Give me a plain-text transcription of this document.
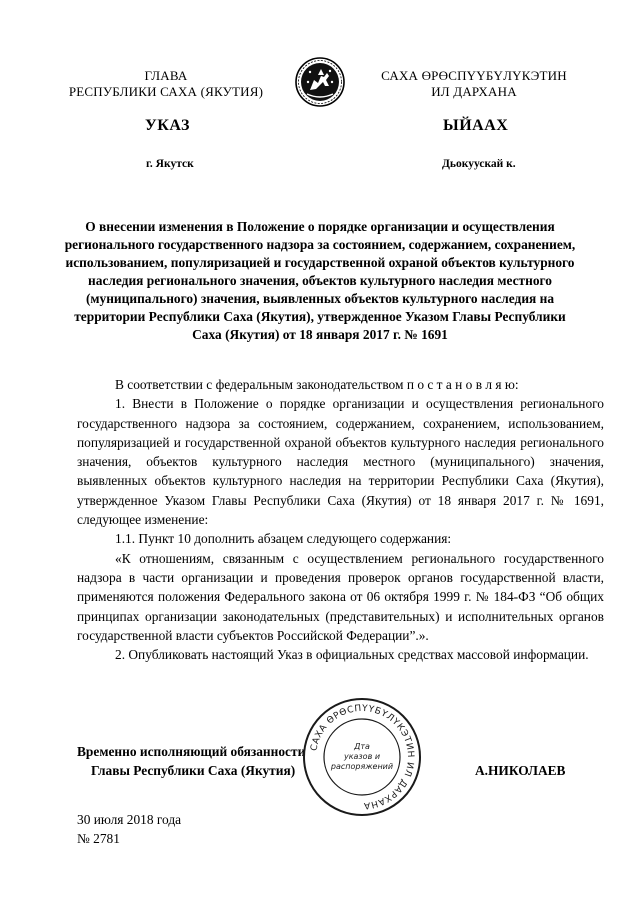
ГЛАВА
РЕСПУБЛИКИ САХА (ЯКУТИЯ)
САХА ӨРӨСПҮҮБҮЛҮКЭТИН
ИЛ ДАРХАНА
УКАЗ	ЫЙААХ
г. Якутск	Дьокуускай к.
О внесении изменения в Положение о порядке организации и осуществления регионального государственного надзора за состоянием, содержанием, сохранением, использованием, популяризацией и государственной охраной объектов культурного наследия регионального значения, объектов культурного наследия местного (муниципального) значения, выявленных объектов культурного наследия на территории Республики Саха (Якутия), утвержденное Указом Главы Республики Саха (Якутия) от 18 января 2017 г. № 1691

В соответствии с федеральным законодательством п о с т а н о в л я ю:

1. Внести в Положение о порядке организации и осуществления регионального государственного надзора за состоянием, содержанием, сохранением, использованием, популяризацией и государственной охраной объектов культурного наследия регионального значения, объектов культурного наследия местного (муниципального) значения, выявленных объектов культурного наследия на территории Республики Саха (Якутия), утвержденное Указом Главы Республики Саха (Якутия) от 18 января 2017 г. № 1691, следующее изменение:

1.1. Пункт 10 дополнить абзацем следующего содержания:

«К отношениям, связанным с осуществлением регионального государственного надзора в части организации и проведения проверок органов государственной власти, применяются положения Федерального закона от 06 октября 1999 г. № 184-ФЗ “Об общих принципах организации законодательных (представительных) и исполнительных органов государственной власти субъектов Российской Федерации”.».

2. Опубликовать настоящий Указ в официальных средствах массовой информации.

Временно исполняющий обязанности
Главы Республики Саха (Якутия)	А.НИКОЛАЕВ
САХА ӨРӨСПҮҮБҮЛҮКЭТИН ИЛ ДАРХАНА
Дта
указов и
распоряжений
30 июля 2018 года
№ 2781
